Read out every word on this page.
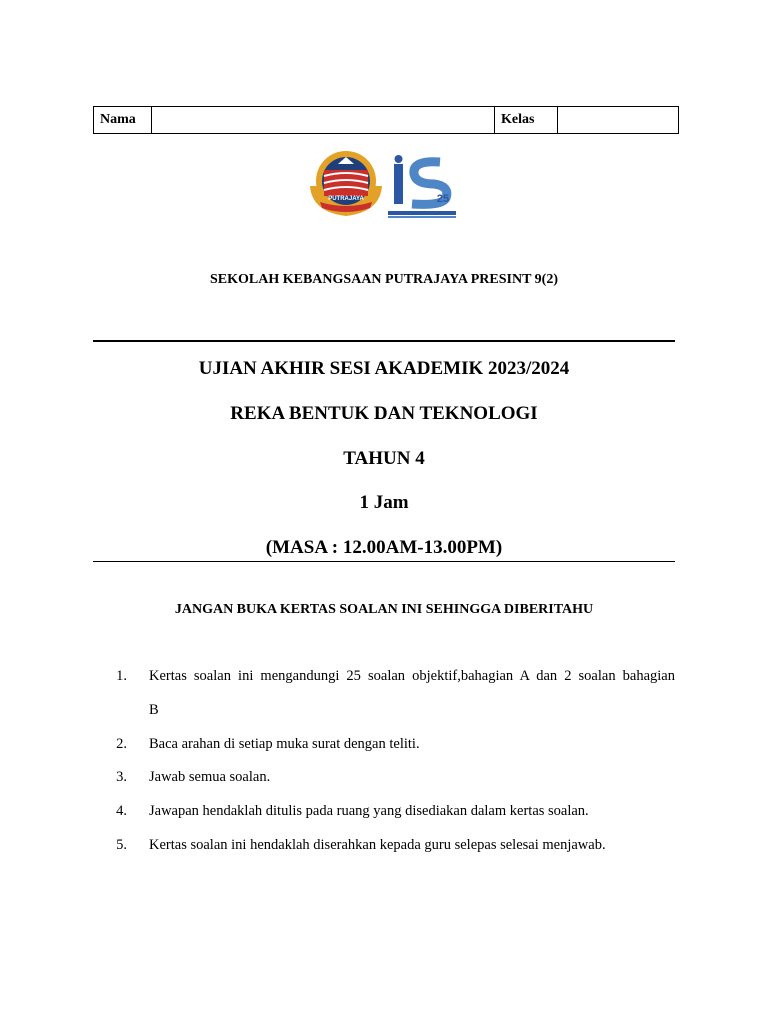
Nama		Kelas	
PUTRAJAYA	25
SEKOLAH KEBANGSAAN PUTRAJAYA PRESINT 9(2)
UJIAN AKHIR SESI AKADEMIK 2023/2024
REKA BENTUK DAN TEKNOLOGI
TAHUN 4
1 Jam
(MASA : 12.00AM-13.00PM)
JANGAN BUKA KERTAS SOALAN INI SEHINGGA DIBERITAHU
1. Kertas soalan ini mengandungi 25 soalan objektif,bahagian A dan 2 soalan bahagian
B
2. Baca arahan di setiap muka surat dengan teliti.
3. Jawab semua soalan.
4. Jawapan hendaklah ditulis pada ruang yang disediakan dalam kertas soalan.
5. Kertas soalan ini hendaklah diserahkan kepada guru selepas selesai menjawab.
